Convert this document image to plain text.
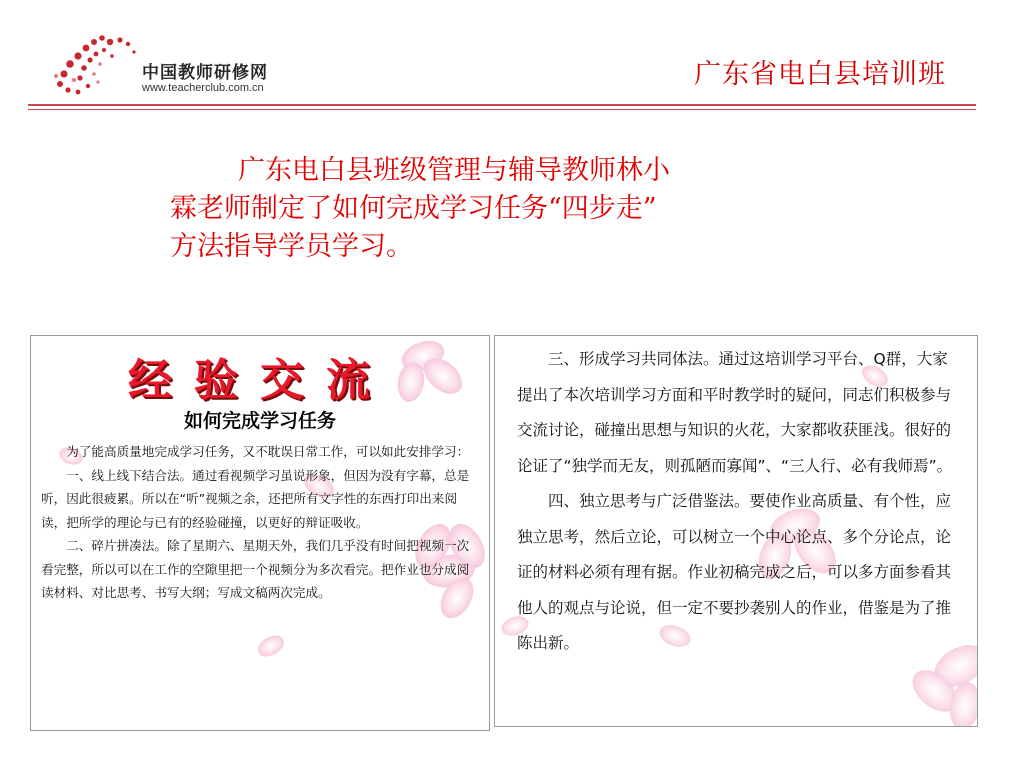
中国教师研修网
www.teacherclub.com.cn	广东省电白县培训班
广东电白县班级管理与辅导教师林小
霖老师制定了如何完成学习任务“四步走”
方法指导学员学习。
经验交流
如何完成学习任务

为了能高质量地完成学习任务，又不耽误日常工作，可以如此安排学习：

一、线上线下结合法。通过看视频学习虽说形象，但因为没有字幕，总是听，因此很疲累。所以在“听”视频之余，还把所有文字性的东西打印出来阅读，把所学的理论与已有的经验碰撞，以更好的辩证吸收。

二、碎片拼凑法。除了星期六、星期天外，我们几乎没有时间把视频一次看完整，所以可以在工作的空隙里把一个视频分为多次看完。把作业也分成阅读材料、对比思考、书写大纲；写成文稿两次完成。

三、形成学习共同体法。通过这培训学习平台、Q群，大家提出了本次培训学习方面和平时教学时的疑问，同志们积极参与交流讨论，碰撞出思想与知识的火花，大家都收获匪浅。很好的论证了“独学而无友，则孤陋而寡闻”、“三人行、必有我师焉”。

四、独立思考与广泛借鉴法。要使作业高质量、有个性，应独立思考，然后立论，可以树立一个中心论点、多个分论点，论证的材料必须有理有据。作业初稿完成之后，可以多方面参看其他人的观点与论说，但一定不要抄袭别人的作业，借鉴是为了推陈出新。
